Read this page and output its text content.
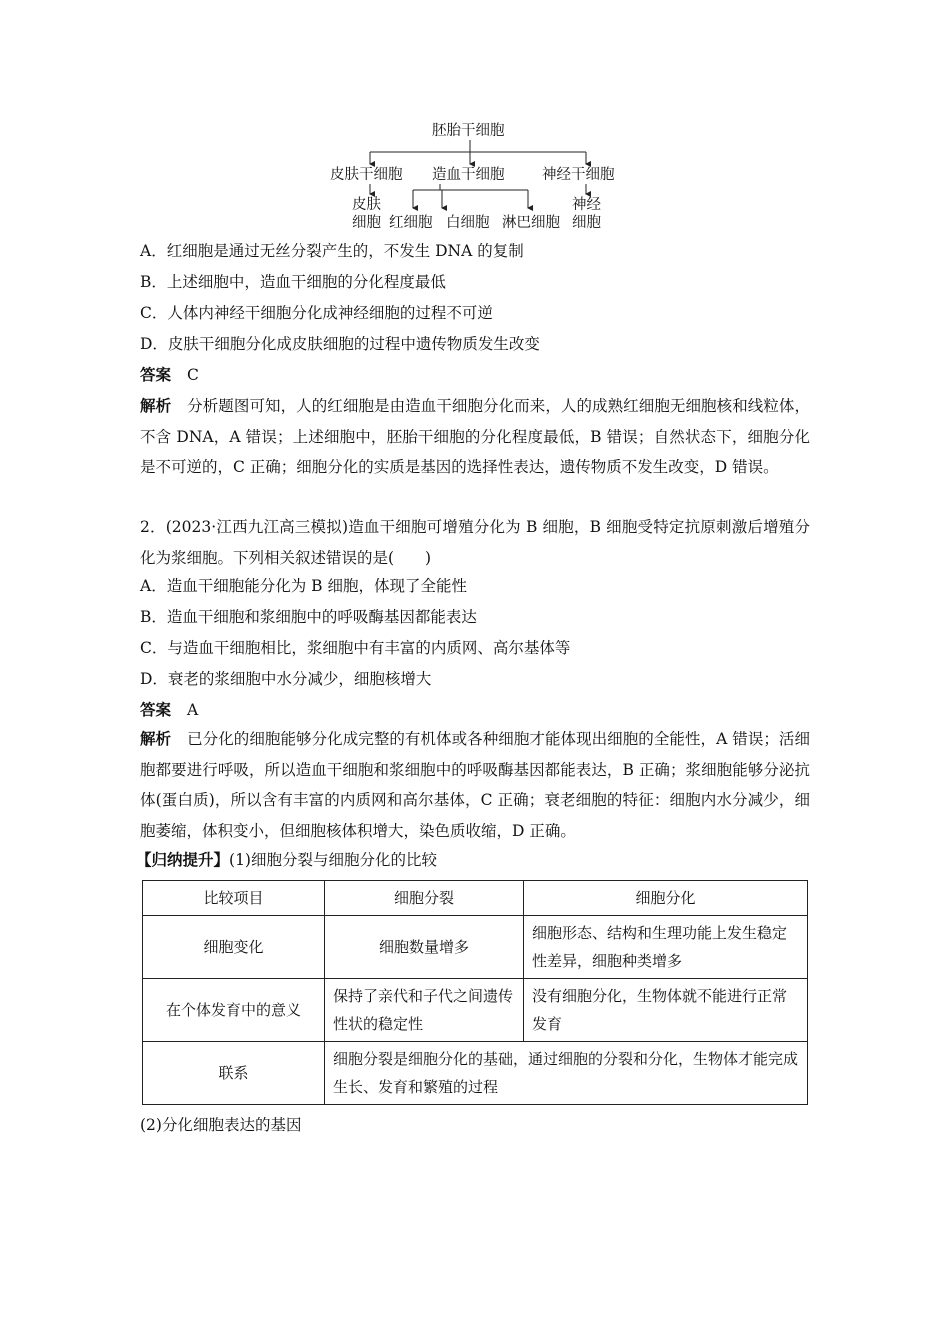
胚胎干细胞
皮肤干细胞 造血干细胞	神经干细胞
皮肤
细胞 红细胞 白细胞 淋巴细胞
神经
细胞
A．红细胞是通过无丝分裂产生的，不发生 DNA 的复制
B．上述细胞中，造血干细胞的分化程度最低
C．人体内神经干细胞分化成神经细胞的过程不可逆
D．皮肤干细胞分化成皮肤细胞的过程中遗传物质发生改变
答案 C
解析 分析题图可知，人的红细胞是由造血干细胞分化而来，人的成熟红细胞无细胞核和线粒体，不含 DNA，A 错误；上述细胞中，胚胎干细胞的分化程度最低，B 错误；自然状态下，细胞分化是不可逆的，C 正确；细胞分化的实质是基因的选择性表达，遗传物质不发生改变，D 错误。
2．(2023·江西九江高三模拟)造血干细胞可增殖分化为 B 细胞，B 细胞受特定抗原刺激后增殖分化为浆细胞。下列相关叙述错误的是(　　)
A．造血干细胞能分化为 B 细胞，体现了全能性
B．造血干细胞和浆细胞中的呼吸酶基因都能表达
C．与造血干细胞相比，浆细胞中有丰富的内质网、高尔基体等
D．衰老的浆细胞中水分减少，细胞核增大
答案 A
解析 已分化的细胞能够分化成完整的有机体或各种细胞才能体现出细胞的全能性，A 错误；活细胞都要进行呼吸，所以造血干细胞和浆细胞中的呼吸酶基因都能表达，B 正确；浆细胞能够分泌抗体(蛋白质)，所以含有丰富的内质网和高尔基体，C 正确；衰老细胞的特征：细胞内水分减少，细胞萎缩，体积变小，但细胞核体积增大，染色质收缩，D 正确。
【归纳提升】(1)细胞分裂与细胞分化的比较
比较项目	细胞分裂	细胞分化
细胞变化	细胞数量增多	细胞形态、结构和生理功能上发生稳定性差异，细胞种类增多
在个体发育中的意义	保持了亲代和子代之间遗传性状的稳定性	没有细胞分化，生物体就不能进行正常发育
联系	细胞分裂是细胞分化的基础，通过细胞的分裂和分化，生物体才能完成生长、发育和繁殖的过程	
(2)分化细胞表达的基因
